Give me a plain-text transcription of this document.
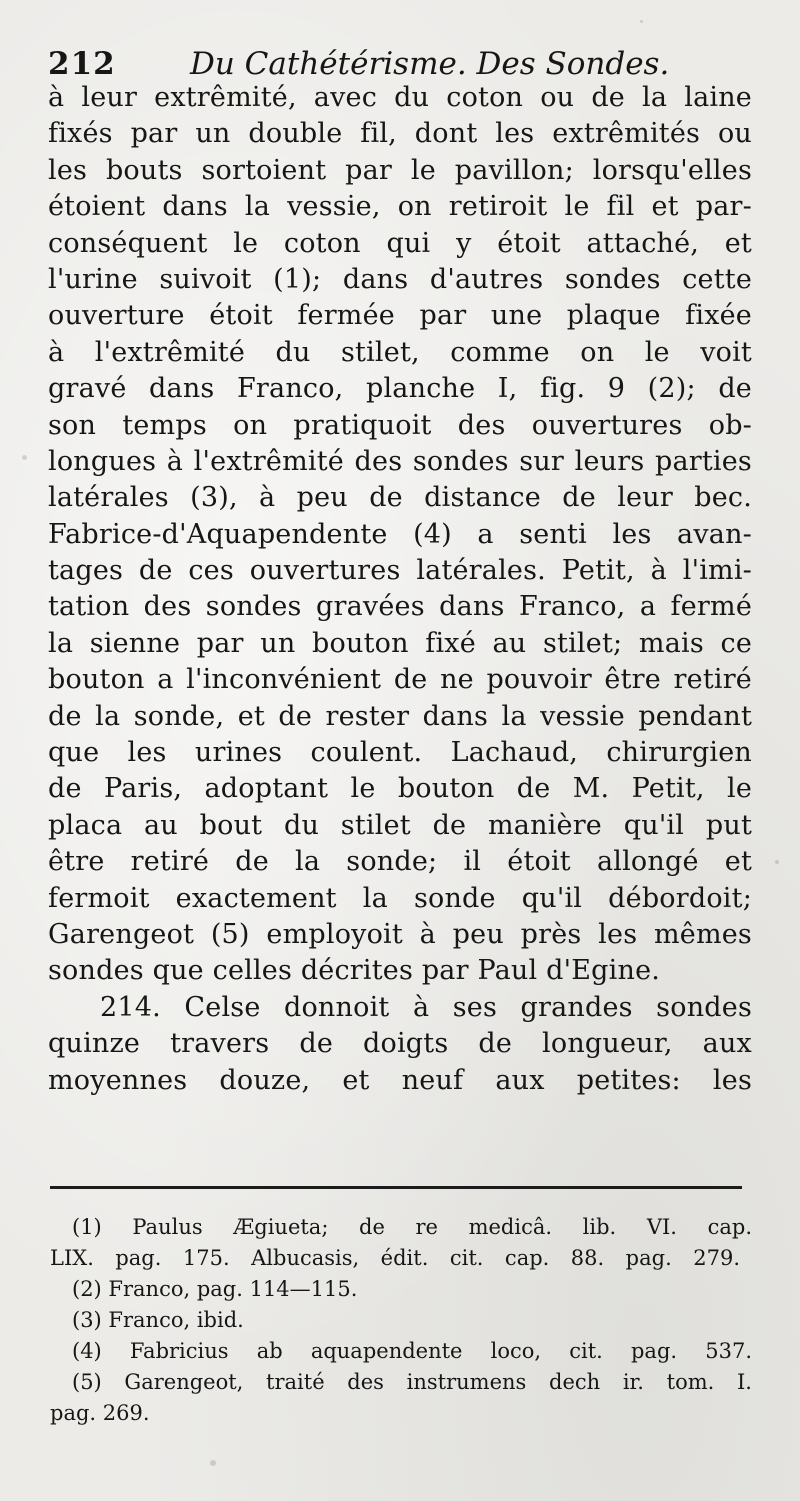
212 Du Cathétérisme. Des Sondes.
à leur extrêmité, avec du coton ou de la laine
fixés par un double fil, dont les extrêmités ou
les bouts sortoient par le pavillon; lorsqu'elles
étoient dans la vessie, on retiroit le fil et par-
conséquent le coton qui y étoit attaché, et
l'urine suivoit (1); dans d'autres sondes cette
ouverture étoit fermée par une plaque fixée
à l'extrêmité du stilet, comme on le voit
gravé dans Franco, planche I, fig. 9 (2); de
son temps on pratiquoit des ouvertures ob-
longues à l'extrêmité des sondes sur leurs parties
latérales (3), à peu de distance de leur bec.
Fabrice-d'Aquapendente (4) a senti les avan-
tages de ces ouvertures latérales. Petit, à l'imi-
tation des sondes gravées dans Franco, a fermé
la sienne par un bouton fixé au stilet; mais ce
bouton a l'inconvénient de ne pouvoir être retiré
de la sonde, et de rester dans la vessie pendant
que les urines coulent. Lachaud, chirurgien
de Paris, adoptant le bouton de M. Petit, le
placa au bout du stilet de manière qu'il put
être retiré de la sonde; il étoit allongé et
fermoit exactement la sonde qu'il débordoit;
Garengeot (5) employoit à peu près les mêmes
sondes que celles décrites par Paul d'Egine.
214. Celse donnoit à ses grandes sondes
quinze travers de doigts de longueur, aux
moyennes douze, et neuf aux petites: les
(1) Paulus Ægiueta; de re medicâ. lib. VI. cap.
LIX. pag. 175. Albucasis, édit. cit. cap. 88. pag. 279.
(2) Franco, pag. 114—115.
(3) Franco, ibid.
(4) Fabricius ab aquapendente loco, cit. pag. 537.
(5) Garengeot, traité des instrumens dech ir. tom. I.
pag. 269.
